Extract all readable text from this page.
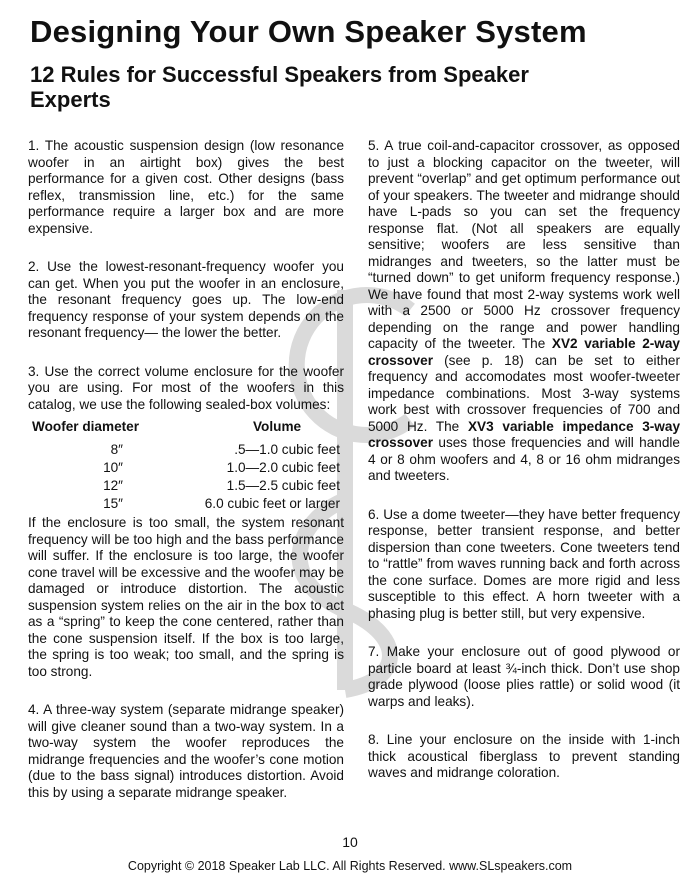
Designing Your Own Speaker System
12 Rules for Successful Speakers from Speaker Experts

1. The acoustic suspension design (low resonance woofer in an airtight box) gives the best performance for a given cost. Other designs (bass reflex, transmission line, etc.) for the same performance require a larger box and are more expensive.

2. Use the lowest-resonant-frequency woofer you can get. When you put the woofer in an enclosure, the resonant frequency goes up. The low-end frequency response of your system depends on the resonant frequency— the lower the better.

3. Use the correct volume enclosure for the woofer you are using. For most of the woofers in this catalog, we use the following sealed-box volumes:

Woofer diameter	Volume
8″	.5—1.0 cubic feet
10″	1.0—2.0 cubic feet
12″	1.5—2.5 cubic feet
15″	6.0 cubic feet or larger

If the enclosure is too small, the system resonant frequency will be too high and the bass performance will suffer. If the enclosure is too large, the woofer cone travel will be excessive and the woofer may be damaged or introduce distortion. The acoustic suspension system relies on the air in the box to act as a “spring” to keep the cone centered, rather than the cone suspension itself. If the box is too large, the spring is too weak; too small, and the spring is too strong.

4. A three-way system (separate midrange speaker) will give cleaner sound than a two-way system. In a two-way system the woofer reproduces the midrange frequencies and the woofer’s cone motion (due to the bass signal) introduces distortion. Avoid this by using a separate midrange speaker.

5. A true coil-and-capacitor crossover, as opposed to just a blocking capacitor on the tweeter, will prevent “overlap” and get optimum performance out of your speakers. The tweeter and midrange should have L-pads so you can set the frequency response flat. (Not all speakers are equally sensitive; woofers are less sensitive than midranges and tweeters, so the latter must be “turned down” to get uniform frequency response.) We have found that most 2-way systems work well with a 2500 or 5000 Hz crossover frequency depending on the range and power handling capacity of the tweeter. The XV2 variable 2-way crossover (see p. 18) can be set to either frequency and accomodates most woofer-tweeter impedance combinations. Most 3-way systems work best with crossover frequencies of 700 and 5000 Hz. The XV3 variable impedance 3-way crossover uses those frequencies and will handle 4 or 8 ohm woofers and 4, 8 or 16 ohm midranges and tweeters.

6. Use a dome tweeter—they have better frequency response, better transient response, and better dispersion than cone tweeters. Cone tweeters tend to “rattle” from waves running back and forth across the cone surface. Domes are more rigid and less susceptible to this effect. A horn tweeter with a phasing plug is better still, but very expensive.

7. Make your enclosure out of good plywood or particle board at least ¾-inch thick. Don’t use shop grade plywood (loose plies rattle) or solid wood (it warps and leaks).

8. Line your enclosure on the inside with 1-inch thick acoustical fiberglass to prevent standing waves and midrange coloration.

10
Copyright © 2018 Speaker Lab LLC. All Rights Reserved. www.SLspeakers.com
